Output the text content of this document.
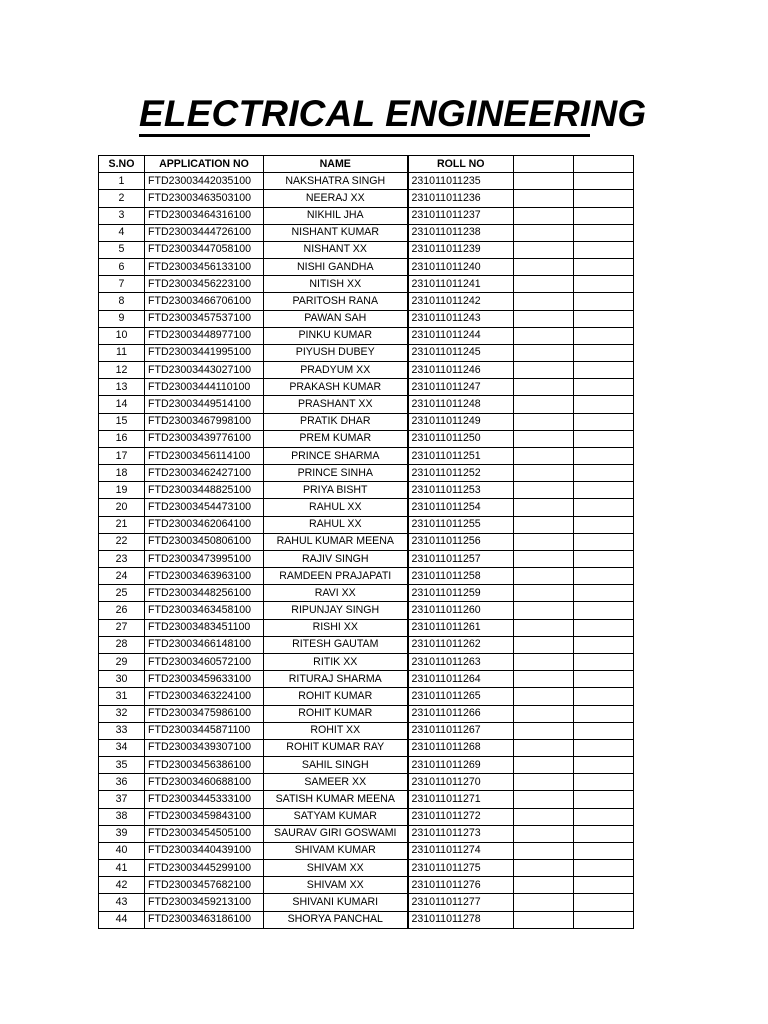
ELECTRICAL ENGINEERING
S.NO	APPLICATION NO	NAME	ROLL NO		
1	FTD23003442035100	NAKSHATRA SINGH	231011011235		
2	FTD23003463503100	NEERAJ XX	231011011236		
3	FTD23003464316100	NIKHIL JHA	231011011237		
4	FTD23003444726100	NISHANT KUMAR	231011011238		
5	FTD23003447058100	NISHANT XX	231011011239		
6	FTD23003456133100	NISHI GANDHA	231011011240		
7	FTD23003456223100	NITISH XX	231011011241		
8	FTD23003466706100	PARITOSH RANA	231011011242		
9	FTD23003457537100	PAWAN SAH	231011011243		
10	FTD23003448977100	PINKU KUMAR	231011011244		
11	FTD23003441995100	PIYUSH DUBEY	231011011245		
12	FTD23003443027100	PRADYUM XX	231011011246		
13	FTD23003444110100	PRAKASH KUMAR	231011011247		
14	FTD23003449514100	PRASHANT XX	231011011248		
15	FTD23003467998100	PRATIK DHAR	231011011249		
16	FTD23003439776100	PREM KUMAR	231011011250		
17	FTD23003456114100	PRINCE SHARMA	231011011251		
18	FTD23003462427100	PRINCE SINHA	231011011252		
19	FTD23003448825100	PRIYA BISHT	231011011253		
20	FTD23003454473100	RAHUL XX	231011011254		
21	FTD23003462064100	RAHUL XX	231011011255		
22	FTD23003450806100	RAHUL KUMAR MEENA	231011011256		
23	FTD23003473995100	RAJIV SINGH	231011011257		
24	FTD23003463963100	RAMDEEN PRAJAPATI	231011011258		
25	FTD23003448256100	RAVI XX	231011011259		
26	FTD23003463458100	RIPUNJAY SINGH	231011011260		
27	FTD23003483451100	RISHI XX	231011011261		
28	FTD23003466148100	RITESH GAUTAM	231011011262		
29	FTD23003460572100	RITIK XX	231011011263		
30	FTD23003459633100	RITURAJ SHARMA	231011011264		
31	FTD23003463224100	ROHIT KUMAR	231011011265		
32	FTD23003475986100	ROHIT KUMAR	231011011266		
33	FTD23003445871100	ROHIT XX	231011011267		
34	FTD23003439307100	ROHIT KUMAR RAY	231011011268		
35	FTD23003456386100	SAHIL SINGH	231011011269		
36	FTD23003460688100	SAMEER XX	231011011270		
37	FTD23003445333100	SATISH KUMAR MEENA	231011011271		
38	FTD23003459843100	SATYAM KUMAR	231011011272		
39	FTD23003454505100	SAURAV GIRI GOSWAMI	231011011273		
40	FTD23003440439100	SHIVAM KUMAR	231011011274		
41	FTD23003445299100	SHIVAM XX	231011011275		
42	FTD23003457682100	SHIVAM XX	231011011276		
43	FTD23003459213100	SHIVANI KUMARI	231011011277		
44	FTD23003463186100	SHORYA PANCHAL	231011011278		
